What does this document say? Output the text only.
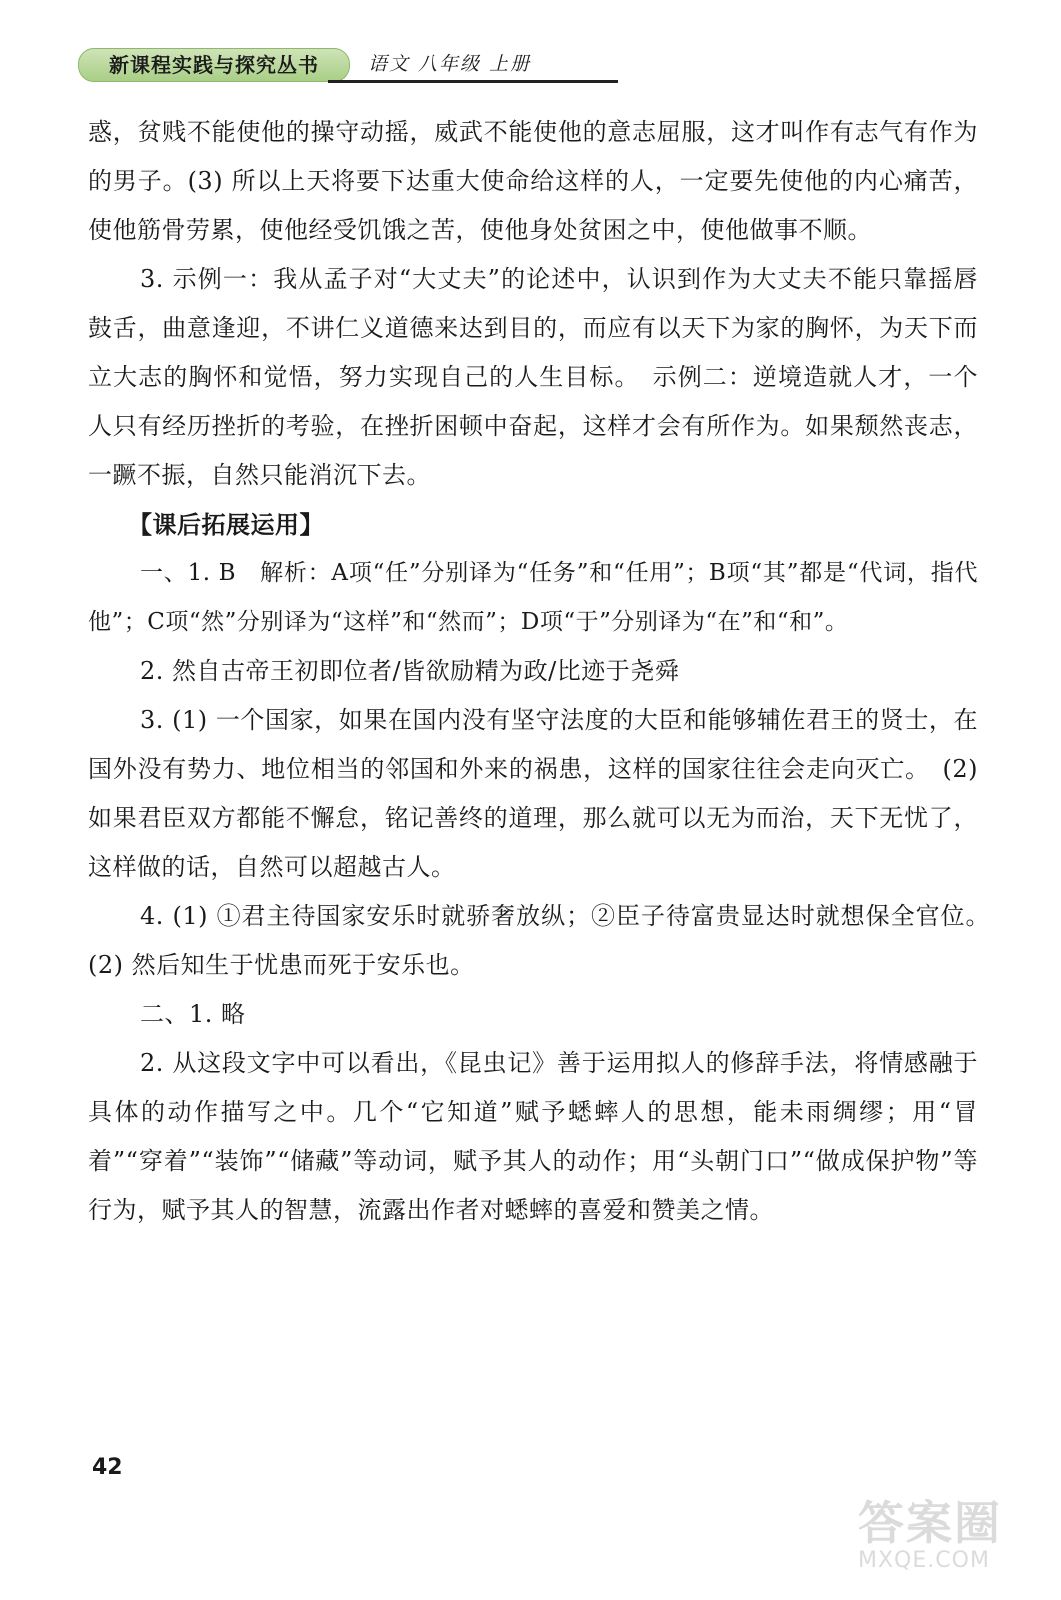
新课程实践与探究丛书	语文 八年级 上册

惑，贫贱不能使他的操守动摇，威武不能使他的意志屈服，这才叫作有志气有作为的男子。(3) 所以上天将要下达重大使命给这样的人，一定要先使他的内心痛苦，使他筋骨劳累，使他经受饥饿之苦，使他身处贫困之中，使他做事不顺。

3. 示例一：我从孟子对“大丈夫”的论述中，认识到作为大丈夫不能只靠摇唇鼓舌，曲意逢迎，不讲仁义道德来达到目的，而应有以天下为家的胸怀，为天下而立大志的胸怀和觉悟，努力实现自己的人生目标。　示例二：逆境造就人才，一个人只有经历挫折的考验，在挫折困顿中奋起，这样才会有所作为。如果颓然丧志，一蹶不振，自然只能消沉下去。

【课后拓展运用】

一、1. B　解析：A项“任”分别译为“任务”和“任用”；B项“其”都是“代词，指代他”；C项“然”分别译为“这样”和“然而”；D项“于”分别译为“在”和“和”。

2. 然自古帝王初即位者/皆欲励精为政/比迹于尧舜

3. (1) 一个国家，如果在国内没有坚守法度的大臣和能够辅佐君王的贤士，在国外没有势力、地位相当的邻国和外来的祸患，这样的国家往往会走向灭亡。　(2) 如果君臣双方都能不懈怠，铭记善终的道理，那么就可以无为而治，天下无忧了，这样做的话，自然可以超越古人。

4. (1) ①君主待国家安乐时就骄奢放纵；②臣子待富贵显达时就想保全官位。　(2) 然后知生于忧患而死于安乐也。

二、1. 略

2. 从这段文字中可以看出，《昆虫记》善于运用拟人的修辞手法，将情感融于具体的动作描写之中。几个“它知道”赋予蟋蟀人的思想，能未雨绸缪；用“冒着”“穿着”“装饰”“储藏”等动词，赋予其人的动作；用“头朝门口”“做成保护物”等行为，赋予其人的智慧，流露出作者对蟋蟀的喜爱和赞美之情。

42
答案圈
MXQE.COM
